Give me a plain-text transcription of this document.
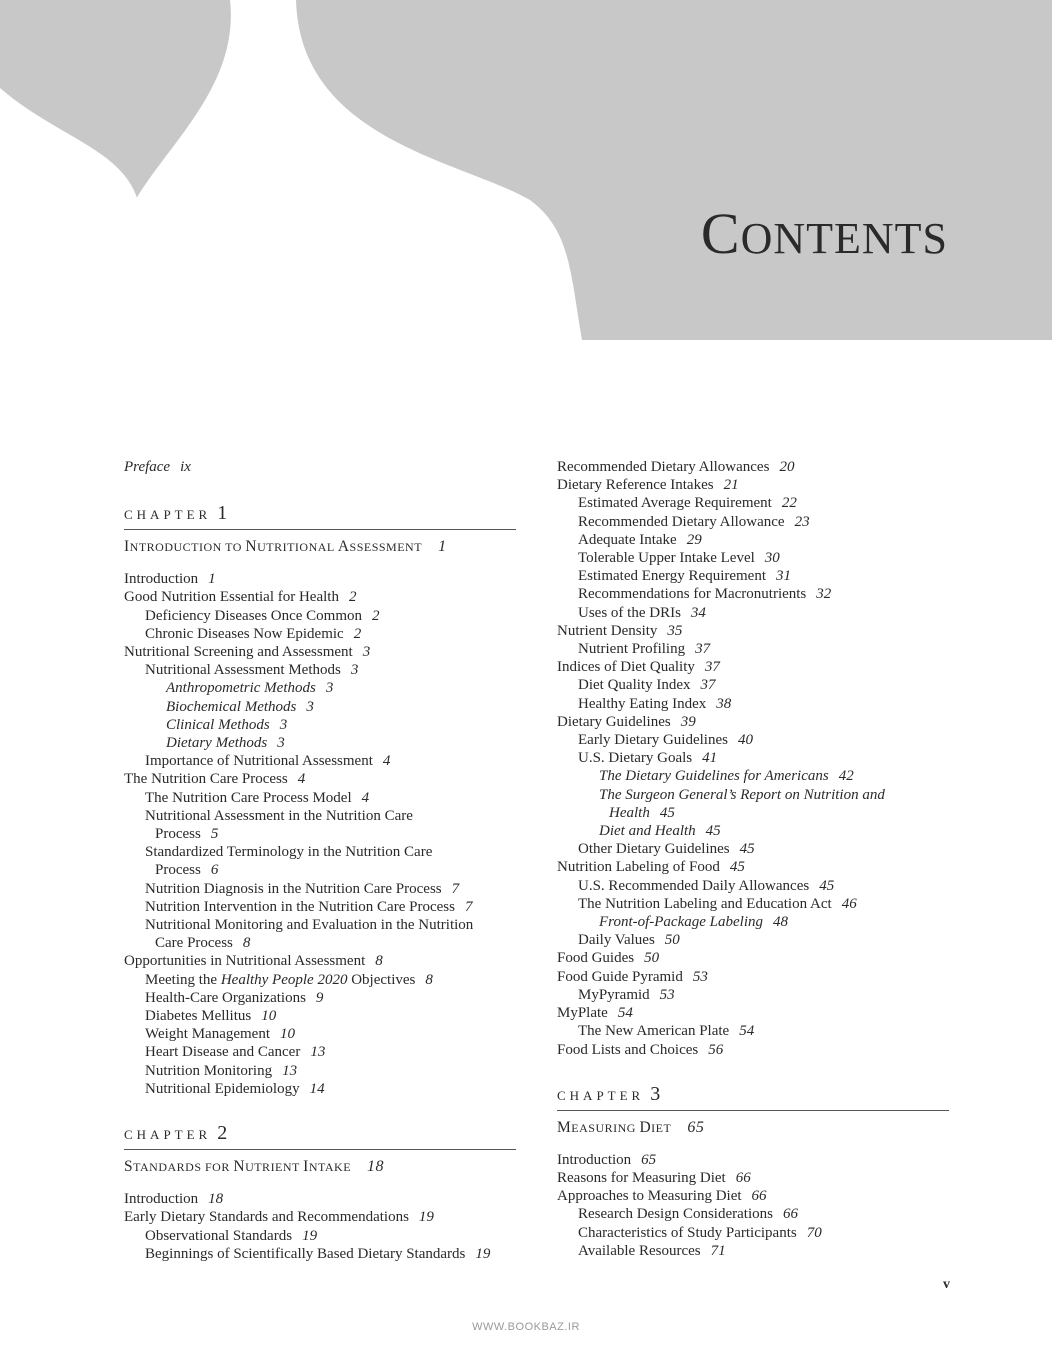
CONTENTS
Preface ix
CHAPTER 1
INTRODUCTION TO NUTRITIONAL ASSESSMENT 1
Introduction 1
Good Nutrition Essential for Health 2
Deficiency Diseases Once Common 2
Chronic Diseases Now Epidemic 2
Nutritional Screening and Assessment 3
Nutritional Assessment Methods 3
Anthropometric Methods 3
Biochemical Methods 3
Clinical Methods 3
Dietary Methods 3
Importance of Nutritional Assessment 4
The Nutrition Care Process 4
The Nutrition Care Process Model 4
Nutritional Assessment in the Nutrition Care
Process 5
Standardized Terminology in the Nutrition Care
Process 6
Nutrition Diagnosis in the Nutrition Care Process 7
Nutrition Intervention in the Nutrition Care Process 7
Nutritional Monitoring and Evaluation in the Nutrition
Care Process 8
Opportunities in Nutritional Assessment 8
Meeting the Healthy People 2020 Objectives 8
Health-Care Organizations 9
Diabetes Mellitus 10
Weight Management 10
Heart Disease and Cancer 13
Nutrition Monitoring 13
Nutritional Epidemiology 14
CHAPTER 2
STANDARDS FOR NUTRIENT INTAKE 18
Introduction 18
Early Dietary Standards and Recommendations 19
Observational Standards 19
Beginnings of Scientifically Based Dietary Standards 19
Recommended Dietary Allowances 20
Dietary Reference Intakes 21
Estimated Average Requirement 22
Recommended Dietary Allowance 23
Adequate Intake 29
Tolerable Upper Intake Level 30
Estimated Energy Requirement 31
Recommendations for Macronutrients 32
Uses of the DRIs 34
Nutrient Density 35
Nutrient Profiling 37
Indices of Diet Quality 37
Diet Quality Index 37
Healthy Eating Index 38
Dietary Guidelines 39
Early Dietary Guidelines 40
U.S. Dietary Goals 41
The Dietary Guidelines for Americans 42
The Surgeon General’s Report on Nutrition and
Health 45
Diet and Health 45
Other Dietary Guidelines 45
Nutrition Labeling of Food 45
U.S. Recommended Daily Allowances 45
The Nutrition Labeling and Education Act 46
Front-of-Package Labeling 48
Daily Values 50
Food Guides 50
Food Guide Pyramid 53
MyPyramid 53
MyPlate 54
The New American Plate 54
Food Lists and Choices 56
CHAPTER 3
MEASURING DIET 65
Introduction 65
Reasons for Measuring Diet 66
Approaches to Measuring Diet 66
Research Design Considerations 66
Characteristics of Study Participants 70
Available Resources 71
v
WWW.BOOKBAZ.IR
